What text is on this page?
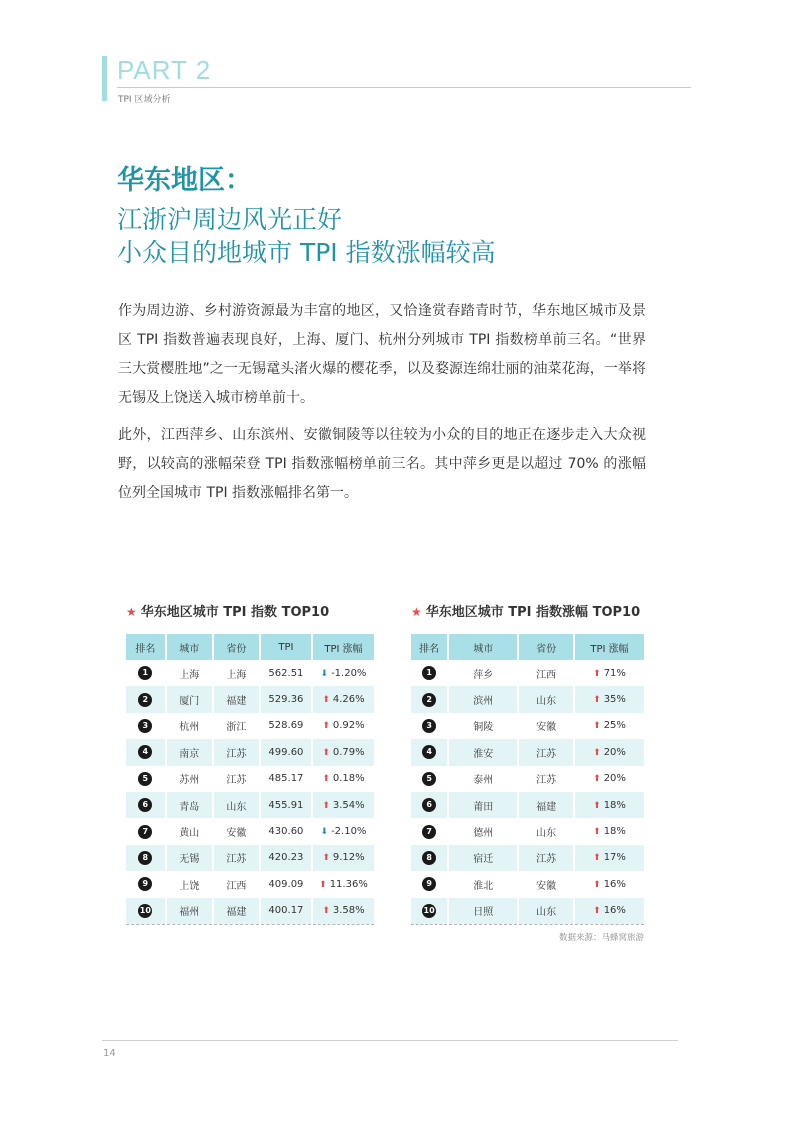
PART 2
TPI 区域分析
华东地区：
江浙沪周边风光正好
小众目的地城市 TPI 指数涨幅较高

作为周边游、乡村游资源最为丰富的地区，又恰逢赏春踏青时节，华东地区城市及景区 TPI 指数普遍表现良好，上海、厦门、杭州分列城市 TPI 指数榜单前三名。“世界三大赏樱胜地”之一无锡鼋头渚火爆的樱花季，以及婺源连绵壮丽的油菜花海，一举将无锡及上饶送入城市榜单前十。

此外，江西萍乡、山东滨州、安徽铜陵等以往较为小众的目的地正在逐步走入大众视野，以较高的涨幅荣登 TPI 指数涨幅榜单前三名。其中萍乡更是以超过 70% 的涨幅位列全国城市 TPI 指数涨幅排名第一。

★ 华东地区城市 TPI 指数 TOP10
排名	城市	省份	TPI	TPI 涨幅
1	上海	上海	562.51	⬇ -1.20%
2	厦门	福建	529.36	⬆ 4.26%
3	杭州	浙江	528.69	⬆ 0.92%
4	南京	江苏	499.60	⬆ 0.79%
5	苏州	江苏	485.17	⬆ 0.18%
6	青岛	山东	455.91	⬆ 3.54%
7	黄山	安徽	430.60	⬇ -2.10%
8	无锡	江苏	420.23	⬆ 9.12%
9	上饶	江西	409.09	⬆ 11.36%
10	福州	福建	400.17	⬆ 3.58%
★ 华东地区城市 TPI 指数涨幅 TOP10
排名	城市	省份	TPI 涨幅
1	萍乡	江西	⬆ 71%
2	滨州	山东	⬆ 35%
3	铜陵	安徽	⬆ 25%
4	淮安	江苏	⬆ 20%
5	泰州	江苏	⬆ 20%
6	莆田	福建	⬆ 18%
7	德州	山东	⬆ 18%
8	宿迁	江苏	⬆ 17%
9	淮北	安徽	⬆ 16%
10	日照	山东	⬆ 16%
数据来源：马蜂窝旅游
14
